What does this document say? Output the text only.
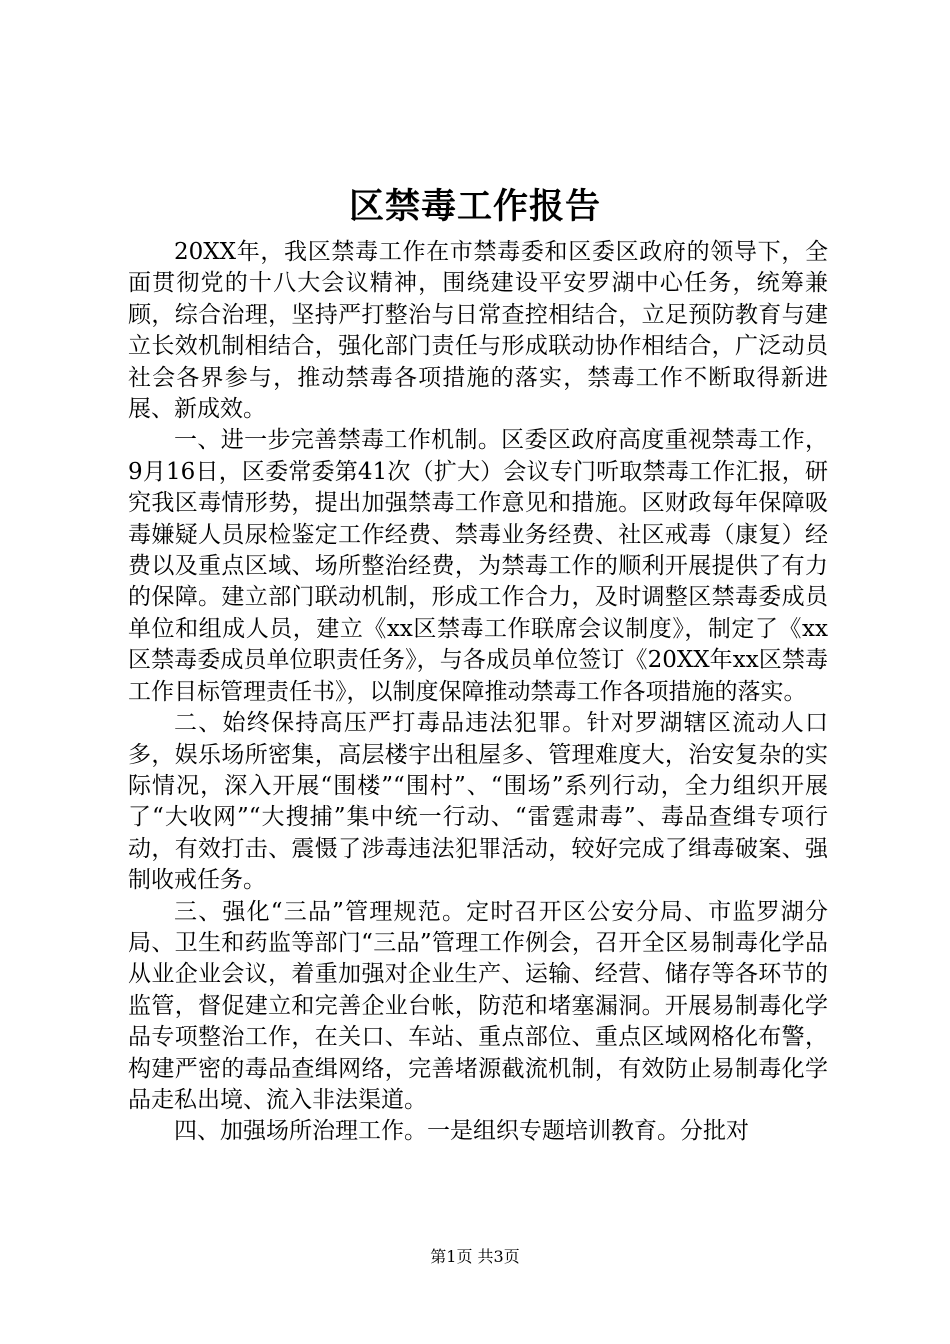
区禁毒工作报告

20XX年，我区禁毒工作在市禁毒委和区委区政府的领导下，全面贯彻党的十八大会议精神，围绕建设平安罗湖中心任务，统筹兼顾，综合治理，坚持严打整治与日常查控相结合，立足预防教育与建立长效机制相结合，强化部门责任与形成联动协作相结合，广泛动员社会各界参与，推动禁毒各项措施的落实，禁毒工作不断取得新进展、新成效。

一、进一步完善禁毒工作机制。区委区政府高度重视禁毒工作，9月16日，区委常委第41次（扩大）会议专门听取禁毒工作汇报，研究我区毒情形势，提出加强禁毒工作意见和措施。区财政每年保障吸毒嫌疑人员尿检鉴定工作经费、禁毒业务经费、社区戒毒（康复）经费以及重点区域、场所整治经费，为禁毒工作的顺利开展提供了有力的保障。建立部门联动机制，形成工作合力，及时调整区禁毒委成员单位和组成人员，建立《xx区禁毒工作联席会议制度》，制定了《xx区禁毒委成员单位职责任务》，与各成员单位签订《20XX年xx区禁毒工作目标管理责任书》，以制度保障推动禁毒工作各项措施的落实。

二、始终保持高压严打毒品违法犯罪。针对罗湖辖区流动人口多，娱乐场所密集，高层楼宇出租屋多、管理难度大，治安复杂的实际情况，深入开展“围楼”“围村”、“围场”系列行动，全力组织开展了“大收网”“大搜捕”集中统一行动、“雷霆肃毒”、毒品查缉专项行动，有效打击、震慑了涉毒违法犯罪活动，较好完成了缉毒破案、强制收戒任务。

三、强化“三品”管理规范。定时召开区公安分局、市监罗湖分局、卫生和药监等部门“三品”管理工作例会，召开全区易制毒化学品从业企业会议，着重加强对企业生产、运输、经营、储存等各环节的监管，督促建立和完善企业台帐，防范和堵塞漏洞。开展易制毒化学品专项整治工作，在关口、车站、重点部位、重点区域网格化布警，构建严密的毒品查缉网络，完善堵源截流机制，有效防止易制毒化学品走私出境、流入非法渠道。

四、加强场所治理工作。一是组织专题培训教育。分批对

第1页 共3页
